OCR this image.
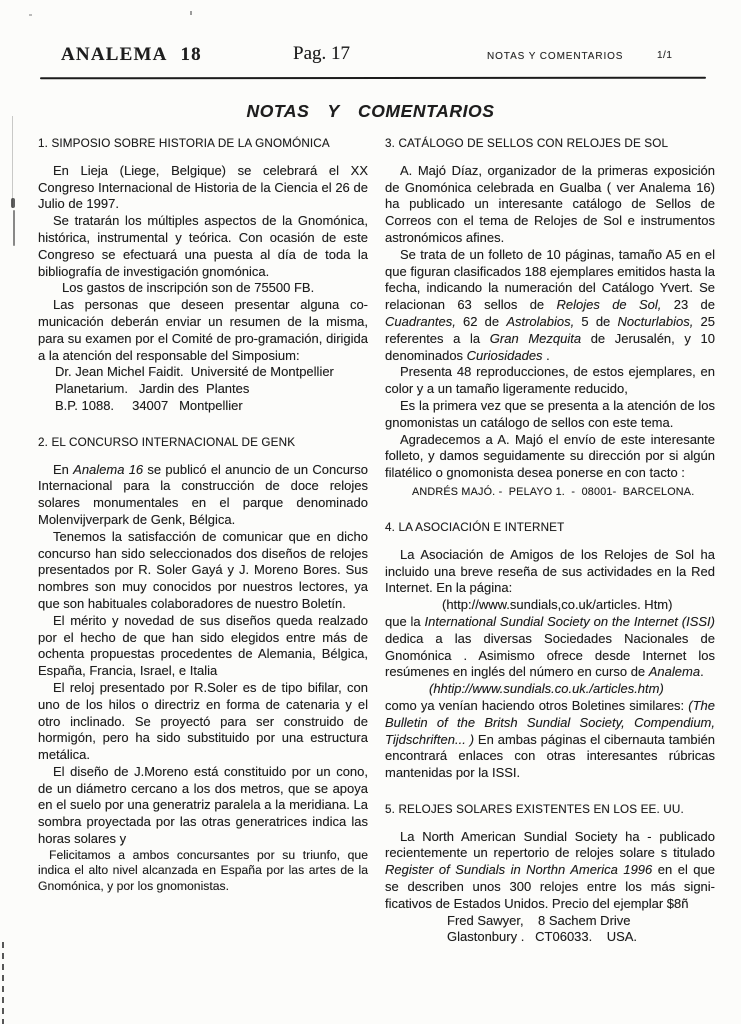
ANALEMA 18	Pag. 17	NOTAS Y COMENTARIOS	1/1
NOTAS Y COMENTARIOS
1. SIMPOSIO SOBRE HISTORIA DE LA GNOMÓNICA

En Lieja (Liege, Belgique) se celebrará el XX Congreso Internacional de Historia de la Ciencia el 26 de Julio de 1997.

Se tratarán los múltiples aspectos de la Gnomónica, histórica, instrumental y teórica. Con ocasión de este Congreso se efectuará una puesta al día de toda la bibliografía de investigación gnomónica.

Los gastos de inscripción son de 75500 FB.

Las personas que deseen presentar alguna co-municación deberán enviar un resumen de la misma, para su examen por el Comité de pro-gramación, dirigida a la atención del responsable del Simposium:

Dr. Jean Michel Faidit.  Université de Montpellier

Planetarium.   Jardin des  Plantes

B.P. 1088.     34007   Montpellier

2. EL CONCURSO INTERNACIONAL DE GENK

En Analema 16 se publicó el anuncio de un Concurso Internacional para la construcción de doce relojes solares monumentales en el parque denominado Molenvijverpark de Genk, Bélgica.

Tenemos la satisfacción de comunicar que en dicho concurso han sido seleccionados dos diseños de relojes presentados por R. Soler Gayá y J. Moreno Bores. Sus nombres son muy conocidos por nuestros lectores, ya que son habituales colaboradores de nuestro Boletín.

El mérito y novedad de sus diseños queda realzado por el hecho de que han sido elegidos entre más de ochenta propuestas procedentes de Alemania, Bélgica, España, Francia, Israel, e Italia

El reloj presentado por R.Soler es de tipo bifilar, con uno de los hilos o directriz en forma de catenaria y el otro inclinado. Se proyectó para ser construido de hormigón, pero ha sido substituido por una estructura metálica.

El diseño de J.Moreno está constituido por un cono, de un diámetro cercano a los dos metros, que se apoya en el suelo por una generatriz paralela a la meridiana. La sombra proyectada por las otras generatrices indica las horas solares y

Felicitamos a ambos concursantes por su triunfo, que indica el alto nivel alcanzada en España por las artes de la Gnomónica, y por los gnomonistas.

3. CATÁLOGO DE SELLOS CON RELOJES DE SOL

A. Majó Díaz, organizador de la primeras exposición de Gnomónica celebrada en Gualba ( ver Analema 16) ha publicado un interesante catálogo de Sellos de Correos con el tema de Relojes de Sol e instrumentos astronómicos afines.

Se trata de un folleto de 10 páginas, tamaño A5 en el que figuran clasificados 188 ejemplares emitidos hasta la fecha, indicando la numeración del Catálogo Yvert. Se relacionan 63 sellos de Relojes de Sol, 23 de Cuadrantes, 62 de Astrolabios, 5 de Nocturlabios, 25 referentes a la Gran Mezquita de Jerusalén, y 10 denominados Curiosidades .

Presenta 48 reproducciones, de estos ejemplares, en color y a un tamaño ligeramente reducido,

Es la primera vez que se presenta a la atención de los gnomonistas un catálogo de sellos con este tema.

Agradecemos a A. Majó el envío de este interesante folleto, y damos seguidamente su dirección por si algún filatélico o gnomonista desea ponerse en con tacto :

ANDRÉS MAJÓ. -  PELAYO 1.  -  08001-  BARCELONA.

4. LA ASOCIACIÓN E INTERNET

La Asociación de Amigos de los Relojes de Sol ha incluido una breve reseña de sus actividades en la Red Internet. En la página:

(http://www.sundials,co.uk/articles. Htm)

que la International Sundial Society on the Internet (ISSI) dedica a las diversas Sociedades Nacionales de Gnomónica . Asimismo ofrece desde Internet los resúmenes en inglés del número en curso de Analema.

(hhtip://www.sundials.co.uk./articles.htm)

como ya venían haciendo otros Boletines similares: (The Bulletin of the Britsh Sundial Society, Compendium, Tijdschriften... ) En ambas páginas el cibernauta también encontrará enlaces con otras interesantes rúbricas mantenidas por la ISSI.

5. RELOJES SOLARES EXISTENTES EN LOS EE. UU.

La North American Sundial Society ha - publicado recientemente un repertorio de relojes solare s titulado Register of Sundials in Northn America 1996 en el que se describen unos 300 relojes entre los más signi-ficativos de Estados Unidos. Precio del ejemplar $8ñ

Fred Sawyer,    8 Sachem Drive

Glastonbury .   CT06033.    USA.
